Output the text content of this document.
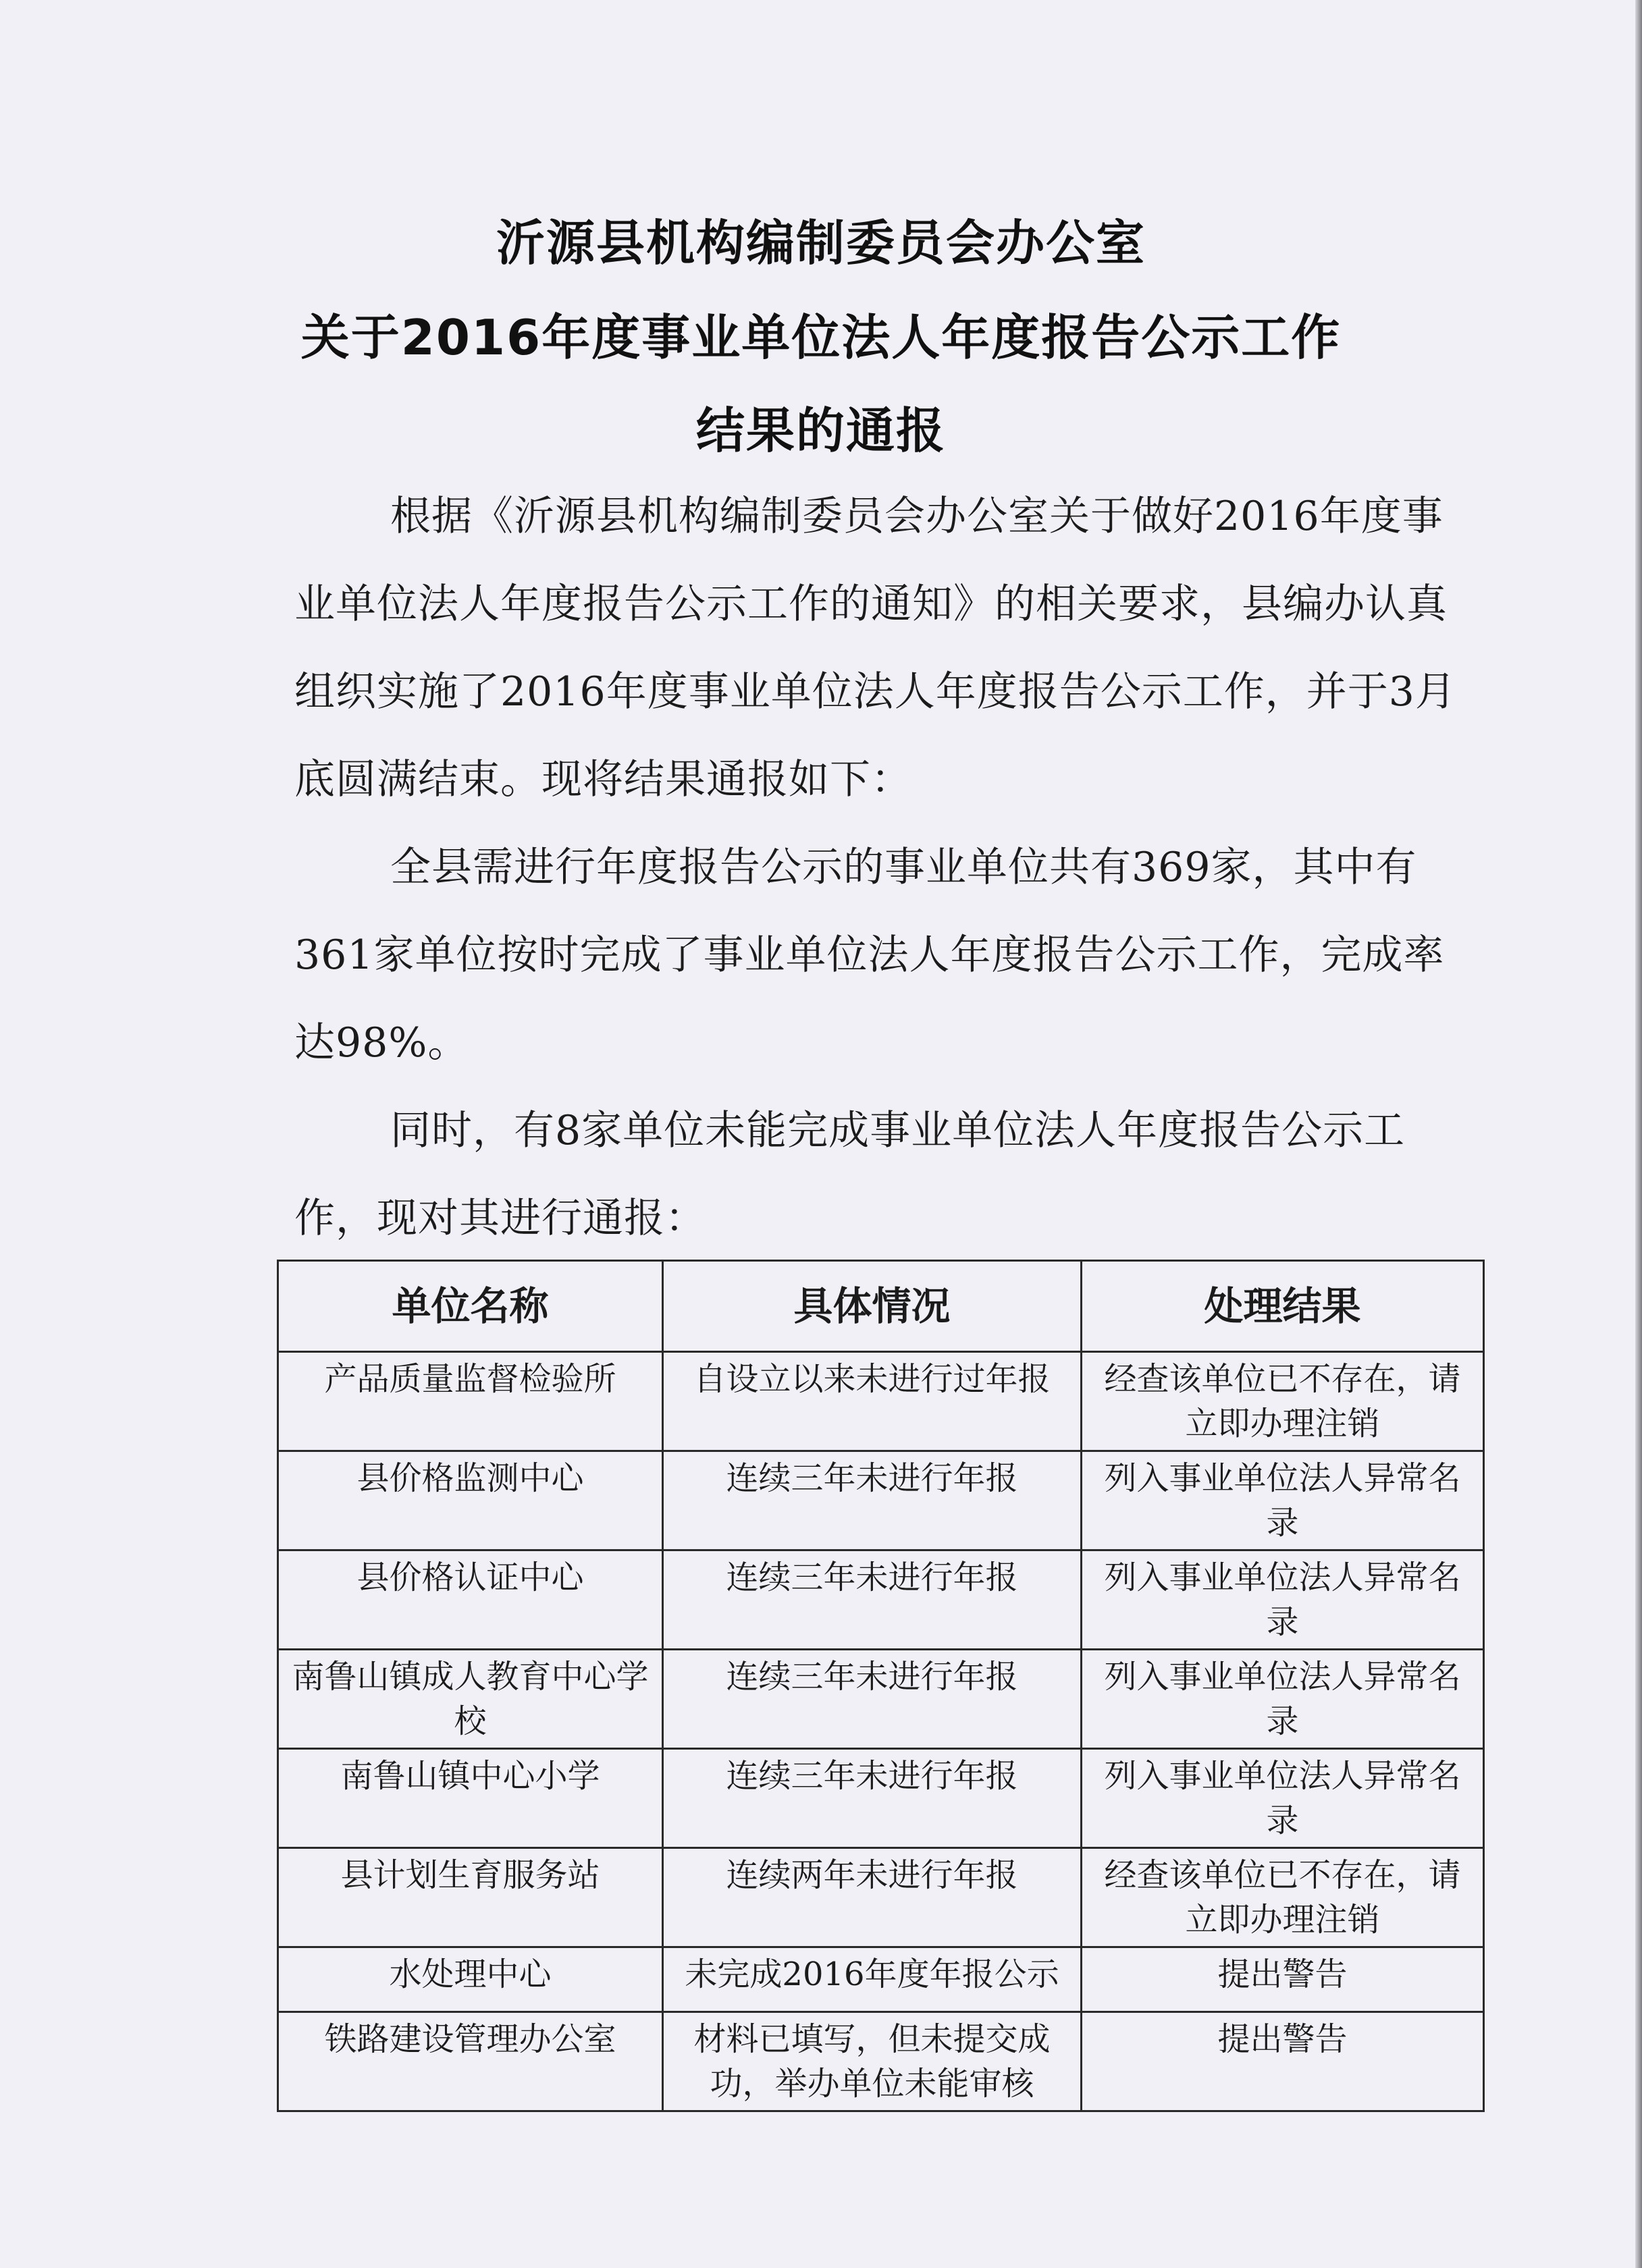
沂源县机构编制委员会办公室
关于2016年度事业单位法人年度报告公示工作
结果的通报
根据《沂源县机构编制委员会办公室关于做好2016年度事业单位法人年度报告公示工作的通知》的相关要求，县编办认真组织实施了2016年度事业单位法人年度报告公示工作，并于3月底圆满结束。现将结果通报如下：
全县需进行年度报告公示的事业单位共有369家，其中有361家单位按时完成了事业单位法人年度报告公示工作，完成率达98%。
同时，有8家单位未能完成事业单位法人年度报告公示工作，现对其进行通报：
单位名称	具体情况	处理结果
产品质量监督检验所	自设立以来未进行过年报	经查该单位已不存在，请立即办理注销
县价格监测中心	连续三年未进行年报	列入事业单位法人异常名录
县价格认证中心	连续三年未进行年报	列入事业单位法人异常名录
南鲁山镇成人教育中心学校	连续三年未进行年报	列入事业单位法人异常名录
南鲁山镇中心小学	连续三年未进行年报	列入事业单位法人异常名录
县计划生育服务站	连续两年未进行年报	经查该单位已不存在，请立即办理注销
水处理中心	未完成2016年度年报公示	提出警告
铁路建设管理办公室	材料已填写，但未提交成功，举办单位未能审核	提出警告
